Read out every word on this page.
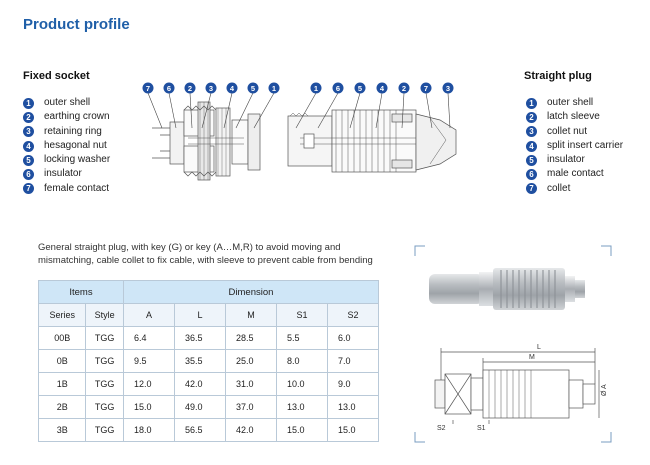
Product profile
Fixed socket	Straight plug
1	outer shell
2	earthing crown
3	retaining ring
4	hesagonal nut
5	locking washer
6	insulator
7	female contact
1	outer shell
2	latch sleeve
3	collet nut
4	split insert carrier
5	insulator
6	male contact
7	collet
7 6 2 3 4 5 1	1 6 5 4 2 7 3
General straight plug, with key (G) or key (A…M,R) to avoid moving and mismatching, cable collet to fix cable, with sleeve to prevent cable from bending
Items		Dimension				
Series	Style	A	L	M	S1	S2
00B	TGG	6.4	36.5	28.5	5.5	6.0
0B	TGG	9.5	35.5	25.0	8.0	7.0
1B	TGG	12.0	42.0	31.0	10.0	9.0
2B	TGG	15.0	49.0	37.0	13.0	13.0
3B	TGG	18.0	56.5	42.0	15.0	15.0
L
M
Ø A
S2	S1
